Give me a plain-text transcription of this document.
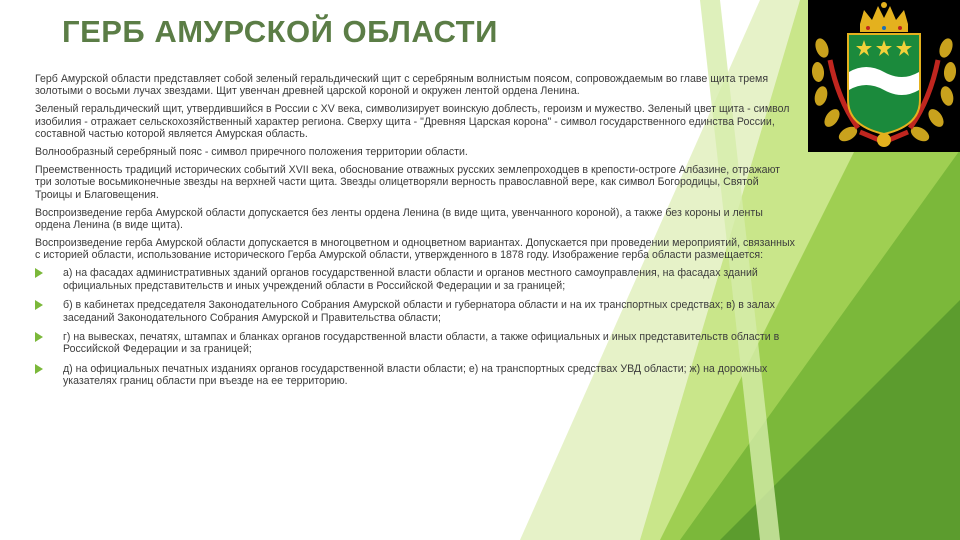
ГЕРБ АМУРСКОЙ ОБЛАСТИ

Герб Амурской области представляет собой зеленый геральдический щит с серебряным волнистым поясом, сопровождаемым во главе щита тремя золотыми о восьми лучах звездами. Щит увенчан древней царской короной и окружен лентой ордена Ленина.

Зеленый геральдический щит, утвердившийся в России с XV века, символизирует воинскую доблесть, героизм и мужество. Зеленый цвет щита - символ изобилия - отражает сельскохозяйственный характер региона. Сверху щита - "Древняя Царская корона" - символ государственного единства России, составной частью которой является Амурская область.

Волнообразный серебряный пояс - символ приречного положения территории области.

Преемственность традиций исторических событий XVII века, обоснование отважных русских землепроходцев в крепости-остроге Албазине, отражают три золотые восьмиконечные звезды на верхней части щита. Звезды олицетворяли верность православной вере, как символ Богородицы, Святой Троицы и Благовещения.

Воспроизведение герба Амурской области допускается без ленты ордена Ленина (в виде щита, увенчанного короной), а также без короны и ленты ордена Ленина (в виде щита).

Воспроизведение герба Амурской области допускается в многоцветном и одноцветном вариантах. Допускается при проведении мероприятий, связанных с историей области, использование исторического Герба Амурской области, утвержденного в 1878 году. Изображение герба области размещается:

а) на фасадах административных зданий органов государственной власти области и органов местного самоуправления, на фасадах зданий официальных представительств и иных учреждений области в Российской Федерации и за границей;
б) в кабинетах председателя Законодательного Собрания Амурской области и губернатора области и на их транспортных средствах; в) в залах заседаний Законодательного Собрания Амурской и Правительства области;
г) на вывесках, печатях, штампах и бланках органов государственной власти области, а также официальных и иных представительств области в Российской Федерации и за границей;
д) на официальных печатных изданиях органов государственной власти области; е) на транспортных средствах УВД области; ж) на дорожных указателях границ области при въезде на ее территорию.
